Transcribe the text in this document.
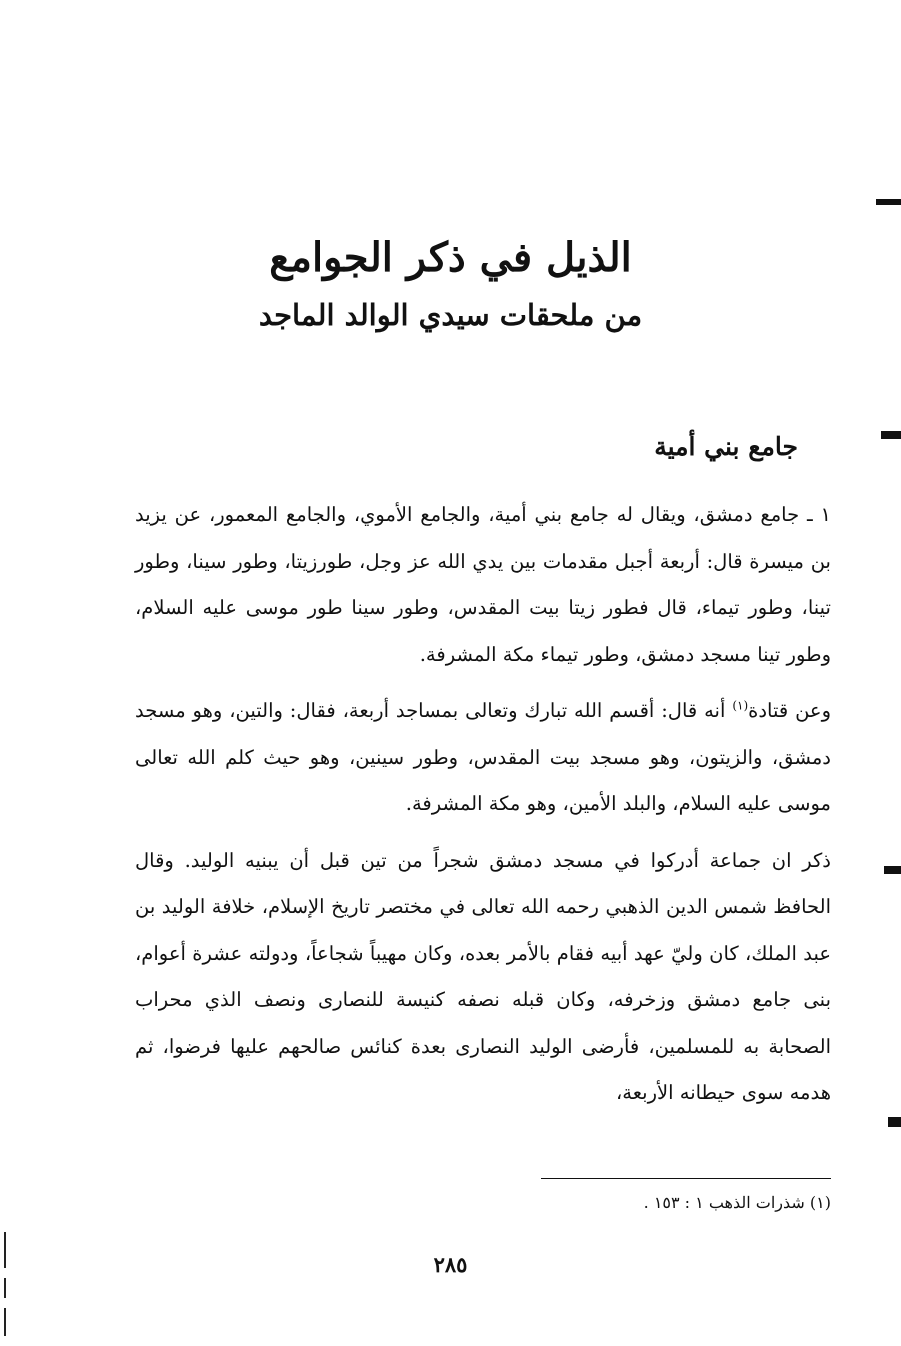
الذيل في ذكر الجوامع
من ملحقات سيدي الوالد الماجد
جامع بني أمية

١ ـ جامع دمشق، ويقال له جامع بني أمية، والجامع الأموي، والجامع المعمور، عن يزيد بن ميسرة قال: أربعة أجبل مقدمات بين يدي الله عز وجل، طورزيتا، وطور سينا، وطور تينا، وطور تيماء، قال فطور زيتا بيت المقدس، وطور سينا طور موسى عليه السلام، وطور تينا مسجد دمشق، وطور تيماء مكة المشرفة.

وعن قتادة$^{(١)}$ أنه قال: أقسم الله تبارك وتعالى بمساجد أربعة، فقال: والتين، وهو مسجد دمشق، والزيتون، وهو مسجد بيت المقدس، وطور سينين، وهو حيث كلم الله تعالى موسى عليه السلام، والبلد الأمين، وهو مكة المشرفة.

ذكر ان جماعة أدركوا في مسجد دمشق شجراً من تين قبل أن يبنيه الوليد. وقال الحافظ شمس الدين الذهبي رحمه الله تعالى في مختصر تاريخ الإسلام، خلافة الوليد بن عبد الملك، كان وليّ عهد أبيه فقام بالأمر بعده، وكان مهيباً شجاعاً، ودولته عشرة أعوام، بنى جامع دمشق وزخرفه، وكان قبله نصفه كنيسة للنصارى ونصف الذي محراب الصحابة به للمسلمين، فأرضى الوليد النصارى بعدة كنائس صالحهم عليها فرضوا، ثم هدمه سوى حيطانه الأربعة،

(١) شذرات الذهب ١ : ١٥٣ .

٢٨٥
